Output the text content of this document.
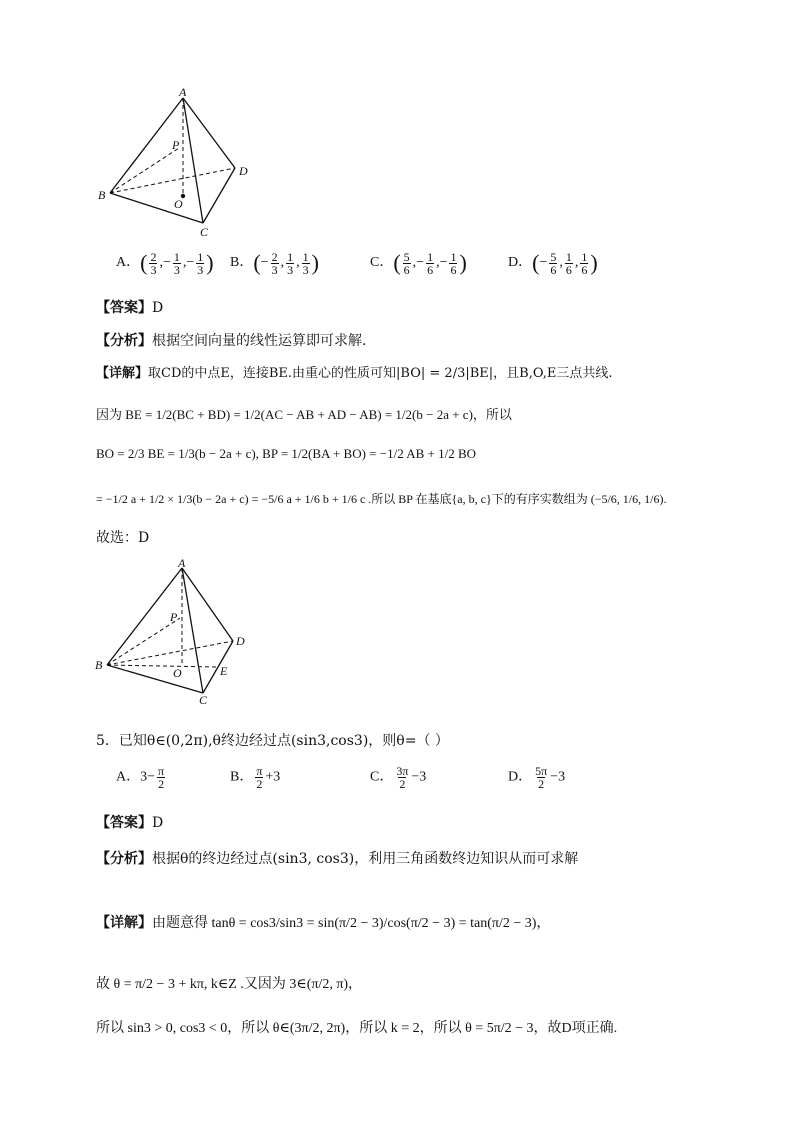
A
P
B
D
O
C
A．( $\frac{2}{3}$ ,− $\frac{1}{3}$ ,− $\frac{1}{3}$ ) B．(− $\frac{2}{3}$ , $\frac{1}{3}$ , $\frac{1}{3}$ )	C．( $\frac{5}{6}$ ,− $\frac{1}{6}$ ,− $\frac{1}{6}$ )	D．(− $\frac{5}{6}$ , $\frac{1}{6}$ , $\frac{1}{6}$ )
【答案】D
【分析】根据空间向量的线性运算即可求解.
【详解】取CD的中点E，连接BE.由重心的性质可知|BO| = 2/3|BE|，且B,O,E三点共线.
因为 BE = 1/2(BC + BD) = 1/2(AC − AB + AD − AB) = 1/2(b − 2a + c)，所以
BO = 2/3 BE = 1/3(b − 2a + c), BP = 1/2(BA + BO) = −1/2 AB + 1/2 BO
= −1/2 a + 1/2 × 1/3(b − 2a + c) = −5/6 a + 1/6 b + 1/6 c .所以 BP 在基底{a, b, c}下的有序实数组为 (−5/6, 1/6, 1/6).
故选：D
A
P
B
D
O	E
C
5．已知θ∈(0,2π),θ终边经过点(sin3,cos3)，则θ=（ ）
A．$3- \frac{\pi}{2}$	B． $\frac{\pi}{2} +3$	C． $\frac{3\pi}{2} -3$	D． $\frac{5\pi}{2} -3$
【答案】D
【分析】根据θ的终边经过点(sin3, cos3)，利用三角函数终边知识从而可求解
【详解】由题意得 tanθ = cos3/sin3 = sin(π/2 − 3)/cos(π/2 − 3) = tan(π/2 − 3)，
故 θ = π/2 − 3 + kπ, k∈Z .又因为 3∈(π/2, π)，
所以 sin3 > 0, cos3 < 0，所以 θ∈(3π/2, 2π)，所以 k = 2，所以 θ = 5π/2 − 3，故D项正确.
